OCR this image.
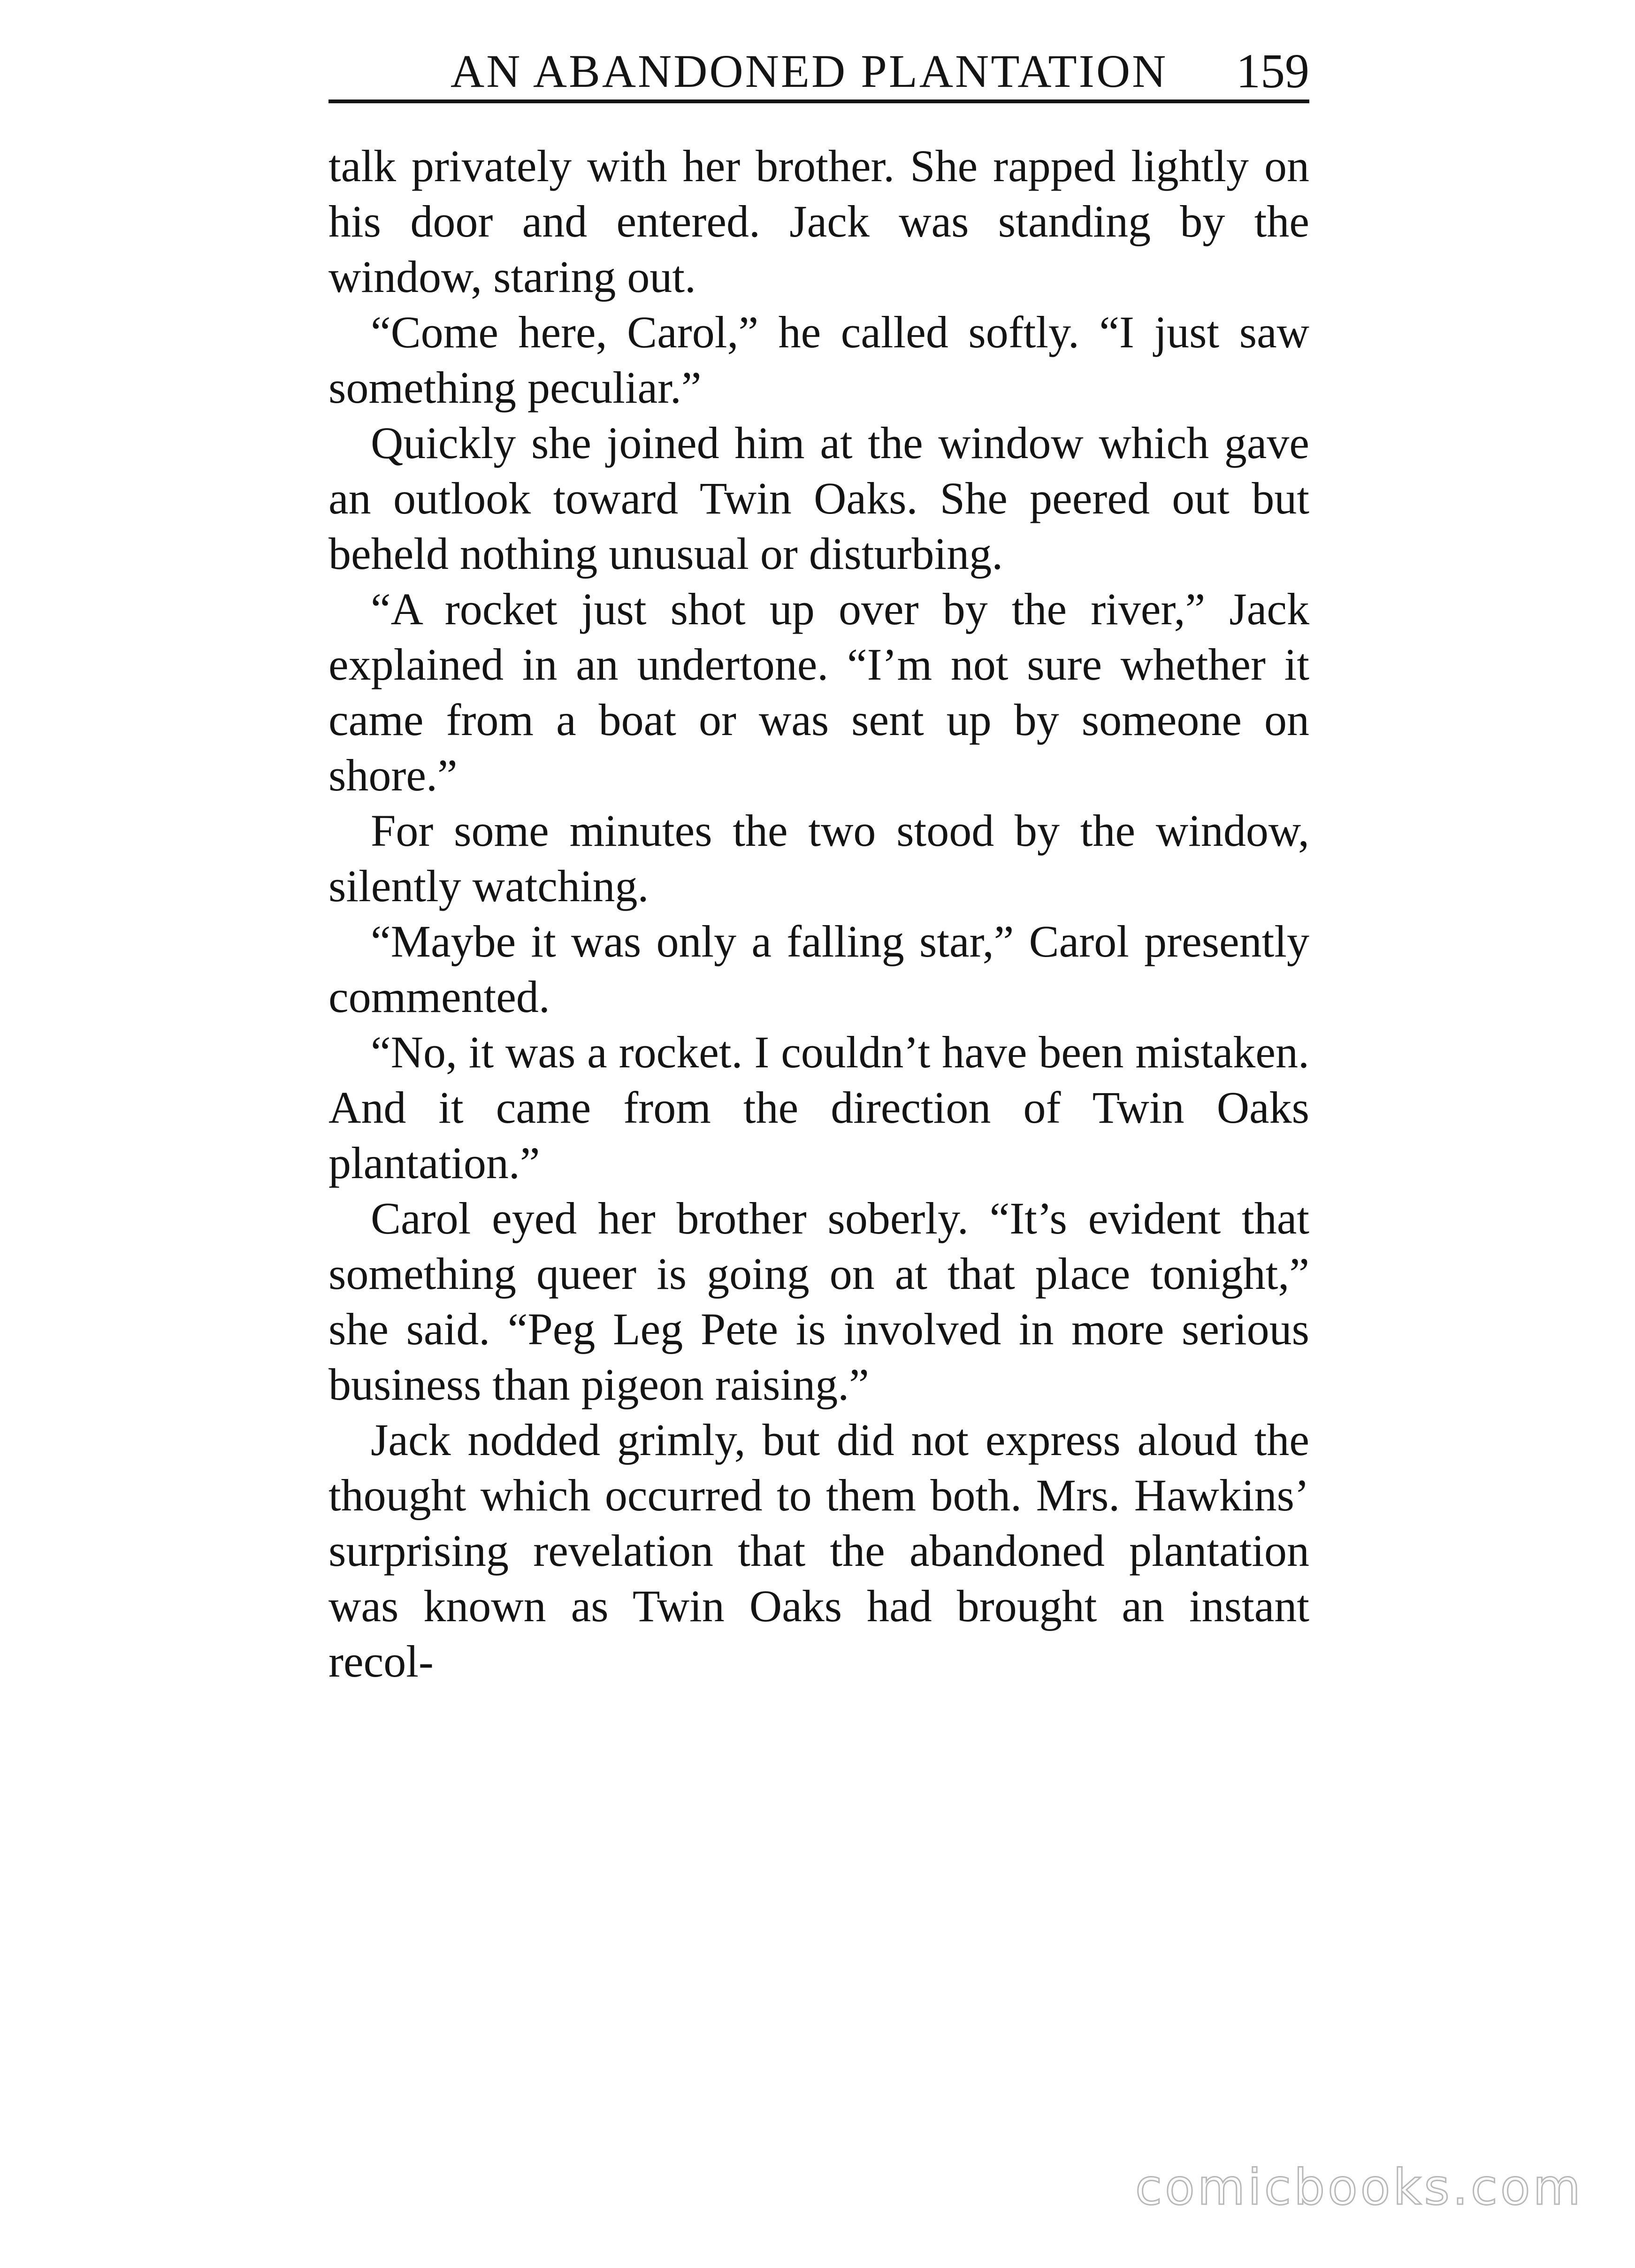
AN ABANDONED PLANTATION 159

talk privately with her brother. She rapped lightly on his door and entered. Jack was standing by the window, staring out.

“Come here, Carol,” he called softly. “I just saw something peculiar.”

Quickly she joined him at the window which gave an outlook toward Twin Oaks. She peered out but beheld nothing unusual or disturbing.

“A rocket just shot up over by the river,” Jack explained in an undertone. “I’m not sure whether it came from a boat or was sent up by someone on shore.”

For some minutes the two stood by the window, silently watching.

“Maybe it was only a falling star,” Carol presently commented.

“No, it was a rocket. I couldn’t have been mistaken. And it came from the direction of Twin Oaks plantation.”

Carol eyed her brother soberly. “It’s evident that something queer is going on at that place tonight,” she said. “Peg Leg Pete is involved in more serious business than pigeon raising.”

Jack nodded grimly, but did not express aloud the thought which occurred to them both. Mrs. Hawkins’ surprising revelation that the abandoned plantation was known as Twin Oaks had brought an instant recol-

comicbooks.com
